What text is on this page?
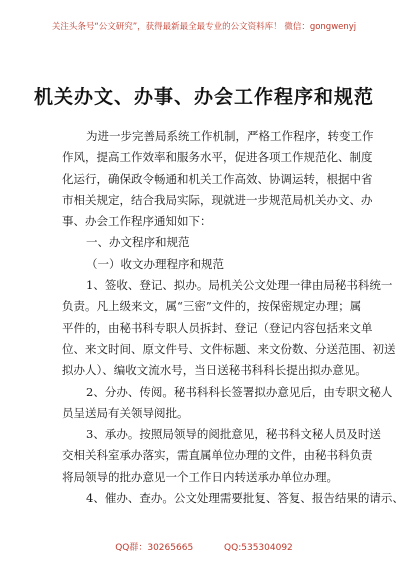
关注头条号“公文研究”，获得最新最全最专业的公文资料库！ 微信：gongwenyj
机关办文、办事、办会工作程序和规范
为进一步完善局系统工作机制，严格工作程序，转变工作
作风，提高工作效率和服务水平，促进各项工作规范化、制度
化运行，确保政令畅通和机关工作高效、协调运转，根据中省
市相关规定，结合我局实际，现就进一步规范局机关办文、办
事、办会工作程序通知如下：
一、办文程序和规范
（一）收文办理程序和规范
1、签收、登记、拟办。局机关公文处理一律由局秘书科统一
负责。凡上级来文，属“三密”文件的，按保密规定办理；属
平件的，由秘书科专职人员拆封、登记（登记内容包括来文单
位、来文时间、原文件号、文件标题、来文份数、分送范围、初送
拟办人）、编收文流水号，当日送秘书科科长提出拟办意见。
2、分办、传阅。秘书科科长签署拟办意见后，由专职文秘人
员呈送局有关领导阅批。
3、承办。按照局领导的阅批意见，秘书科文秘人员及时送
交相关科室承办落实，需直属单位办理的文件，由秘书科负责
将局领导的批办意见一个工作日内转送承办单位办理。
4、催办、查办。公文处理需要批复、答复、报告结果的请示、
QQ群：30265665	QQ:535304092
